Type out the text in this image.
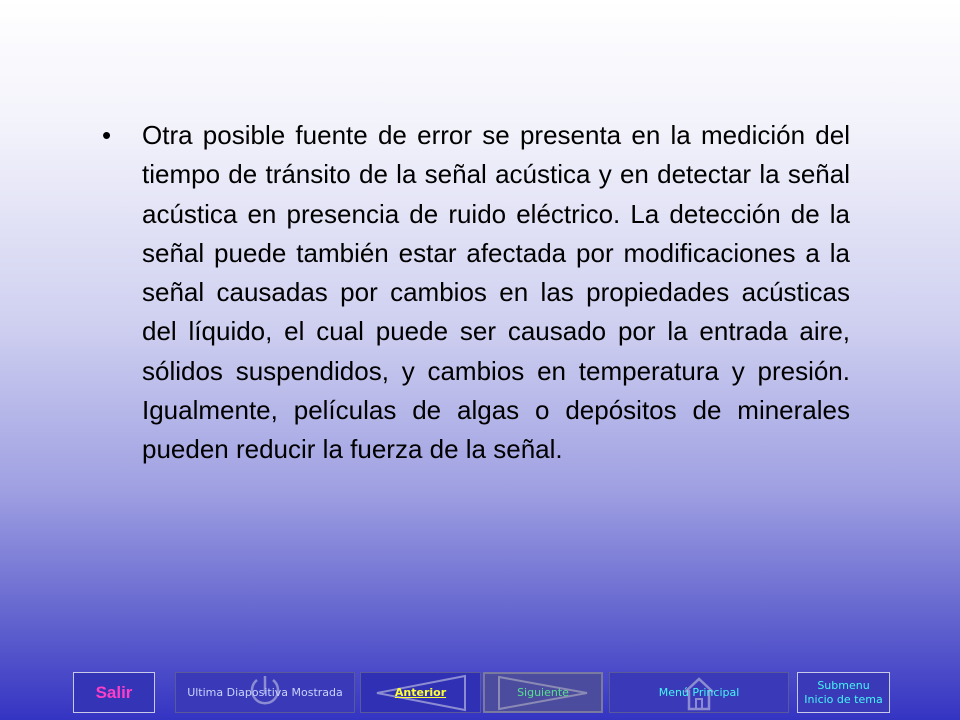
•	Otra posible fuente de error se presenta en la medición del tiempo de tránsito de la señal acústica y en detectar la señal acústica en presencia de ruido eléctrico. La detección de la señal puede también estar afectada por modificaciones a la señal causadas por cambios en las propiedades acústicas del líquido, el cual puede ser causado por la entrada aire, sólidos suspendidos, y cambios en temperatura y presión. Igualmente, películas de algas o depósitos de minerales pueden reducir la fuerza de la señal.

Salir	Ultima Diapositiva Mostrada	Anterior	Siguiente	Menú Principal
Submenu
Inicio de tema
